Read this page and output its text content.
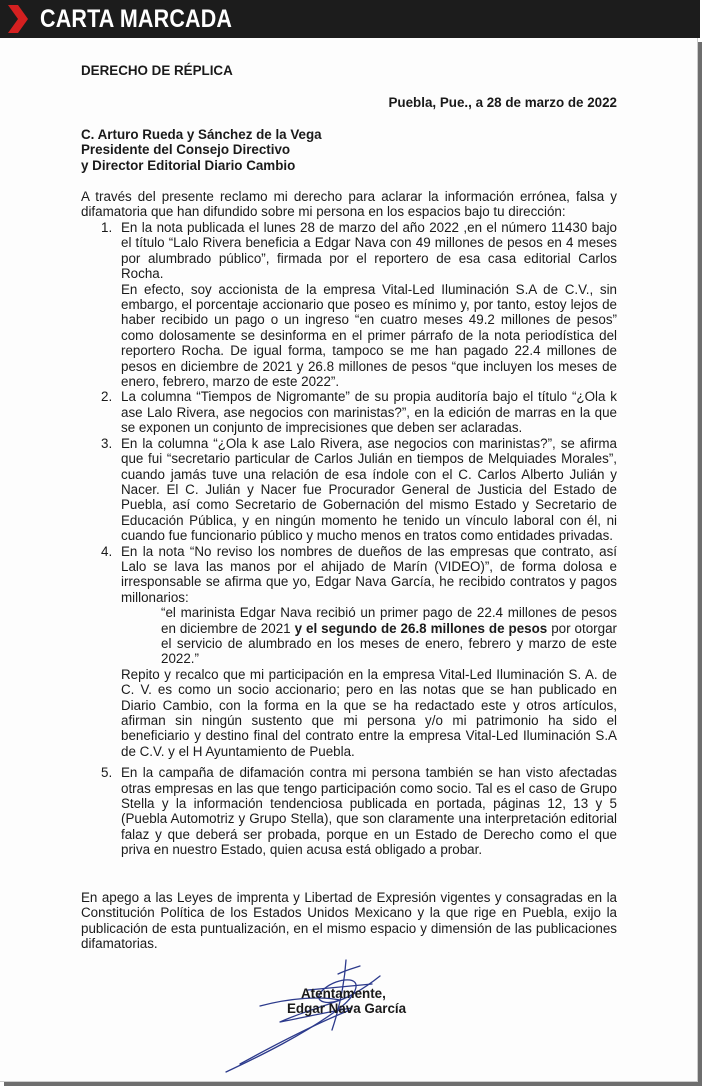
CARTA MARCADA
DERECHO DE RÉPLICA
Puebla, Pue., a 28 de marzo de 2022
C. Arturo Rueda y Sánchez de la Vega
Presidente del Consejo Directivo
y Director Editorial Diario Cambio
A través del presente reclamo mi derecho para aclarar la información errónea, falsa y difamatoria que han difundido sobre mi persona en los espacios bajo tu dirección:
1. En la nota publicada el lunes 28 de marzo del año 2022 ,en el número 11430 bajo el título “Lalo Rivera beneficia a Edgar Nava con 49 millones de pesos en 4 meses por alumbrado público”, firmada por el reportero de esa casa editorial Carlos Rocha.

En efecto, soy accionista de la empresa Vital-Led Iluminación S.A de C.V., sin embargo, el porcentaje accionario que poseo es mínimo y, por tanto, estoy lejos de haber recibido un pago o un ingreso “en cuatro meses 49.2 millones de pesos” como dolosamente se desinforma en el primer párrafo de la nota periodística del reportero Rocha. De igual forma, tampoco se me han pagado 22.4 millones de pesos en diciembre de 2021 y 26.8 millones de pesos “que incluyen los meses de enero, febrero, marzo de este 2022”.

2. La columna “Tiempos de Nigromante” de su propia auditoría bajo el título “¿Ola k ase Lalo Rivera, ase negocios con marinistas?”, en la edición de marras en la que se exponen un conjunto de imprecisiones que deben ser aclaradas.

3. En la columna “¿Ola k ase Lalo Rivera, ase negocios con marinistas?”, se afirma que fui “secretario particular de Carlos Julián en tiempos de Melquiades Morales”, cuando jamás tuve una relación de esa índole con el C. Carlos Alberto Julián y Nacer. El C. Julián y Nacer fue Procurador General de Justicia del Estado de Puebla, así como Secretario de Gobernación del mismo Estado y Secretario de Educación Pública, y en ningún momento he tenido un vínculo laboral con él, ni cuando fue funcionario público y mucho menos en tratos como entidades privadas.

4. En la nota “No reviso los nombres de dueños de las empresas que contrato, así Lalo se lava las manos por el ahijado de Marín (VIDEO)”, de forma dolosa e irresponsable se afirma que yo, Edgar Nava García, he recibido contratos y pagos millonarios:

“el marinista Edgar Nava recibió un primer pago de 22.4 millones de pesos en diciembre de 2021 y el segundo de 26.8 millones de pesos por otorgar el servicio de alumbrado en los meses de enero, febrero y marzo de este 2022.”

Repito y recalco que mi participación en la empresa Vital-Led Iluminación S. A. de C. V. es como un socio accionario; pero en las notas que se han publicado en Diario Cambio, con la forma en la que se ha redactado este y otros artículos, afirman sin ningún sustento que mi persona y/o mi patrimonio ha sido el beneficiario y destino final del contrato entre la empresa Vital-Led Iluminación S.A de C.V. y el H Ayuntamiento de Puebla.

5. En la campaña de difamación contra mi persona también se han visto afectadas otras empresas en las que tengo participación como socio. Tal es el caso de Grupo Stella y la información tendenciosa publicada en portada, páginas 12, 13 y 5 (Puebla Automotriz y Grupo Stella), que son claramente una interpretación editorial falaz y que deberá ser probada, porque en un Estado de Derecho como el que priva en nuestro Estado, quien acusa está obligado a probar.

En apego a las Leyes de imprenta y Libertad de Expresión vigentes y consagradas en la Constitución Política de los Estados Unidos Mexicano y la que rige en Puebla, exijo la publicación de esta puntualización, en el mismo espacio y dimensión de las publicaciones difamatorias.
Atentamente,
Edgar Nava García
